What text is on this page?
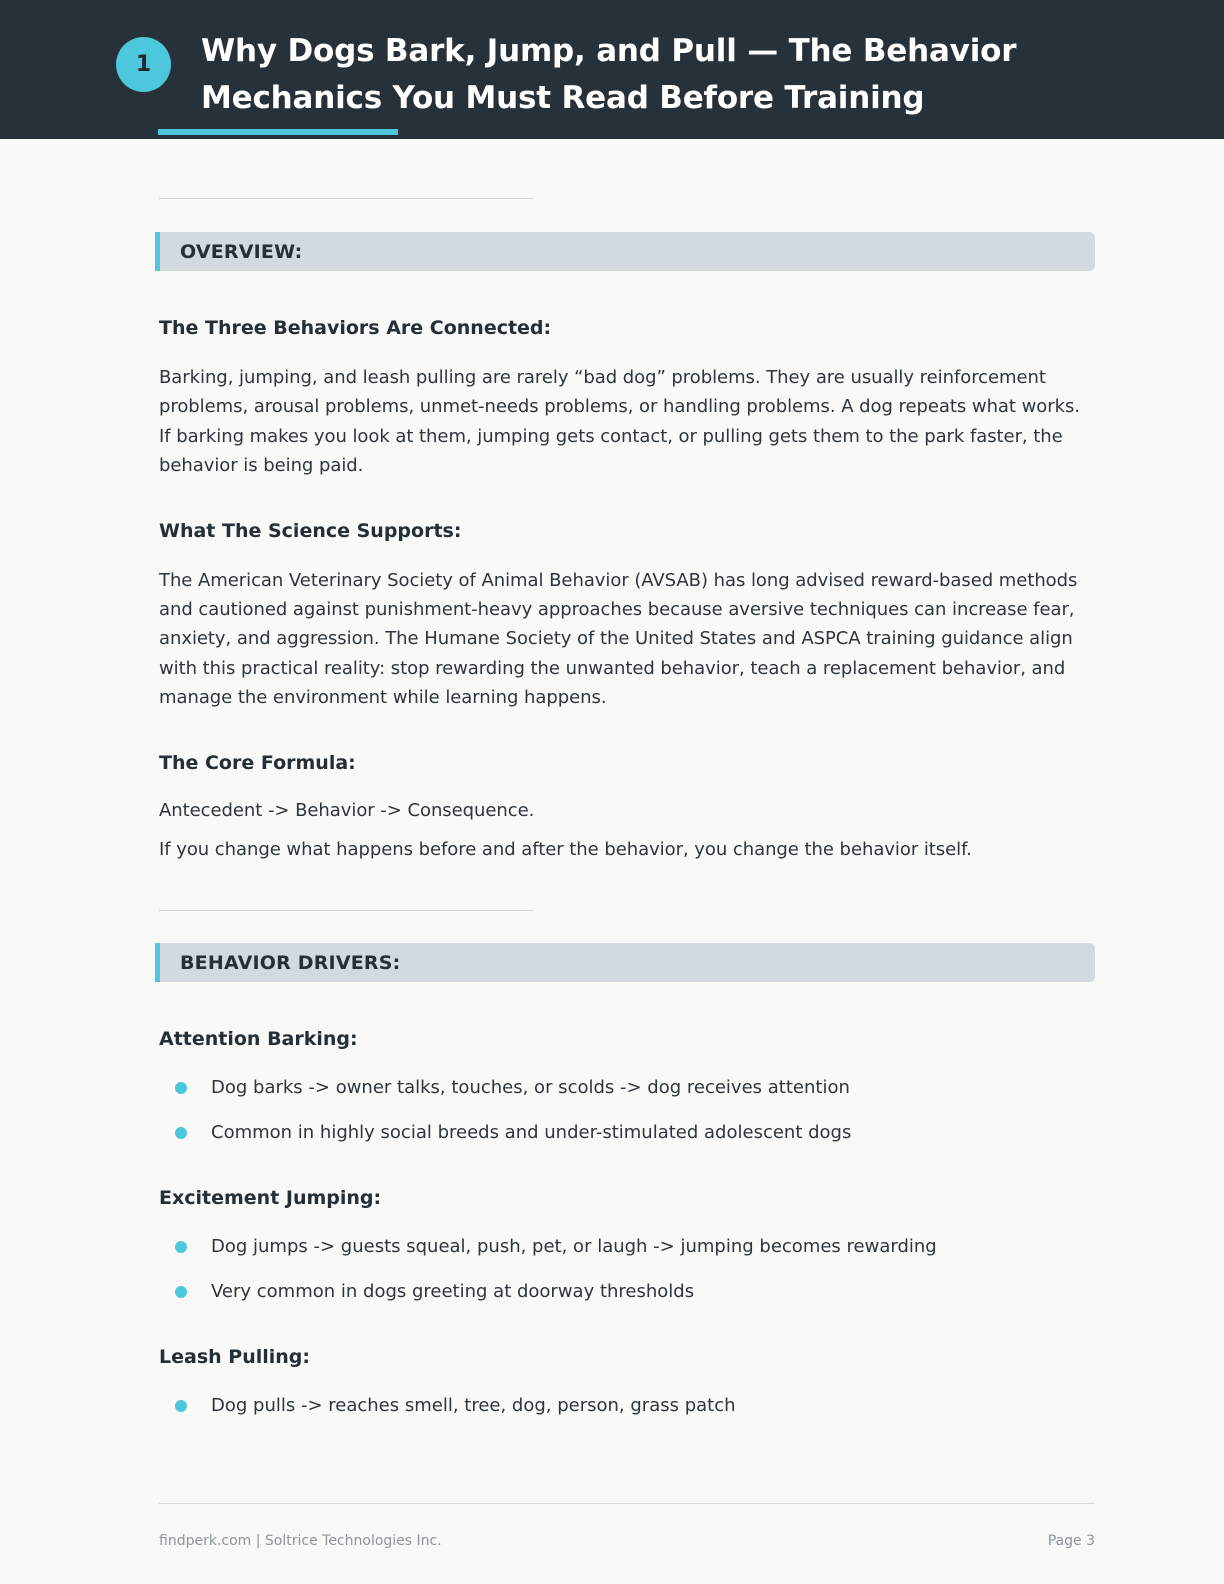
1	Why Dogs Bark, Jump, and Pull — The Behavior Mechanics You Must Read Before Training
OVERVIEW:
The Three Behaviors Are Connected:

Barking, jumping, and leash pulling are rarely “bad dog” problems. They are usually reinforcement problems, arousal problems, unmet-needs problems, or handling problems. A dog repeats what works. If barking makes you look at them, jumping gets contact, or pulling gets them to the park faster, the behavior is being paid.

What The Science Supports:

The American Veterinary Society of Animal Behavior (AVSAB) has long advised reward-based methods and cautioned against punishment-heavy approaches because aversive techniques can increase fear, anxiety, and aggression. The Humane Society of the United States and ASPCA training guidance align with this practical reality: stop rewarding the unwanted behavior, teach a replacement behavior, and manage the environment while learning happens.

The Core Formula:

Antecedent -> Behavior -> Consequence.

If you change what happens before and after the behavior, you change the behavior itself.

BEHAVIOR DRIVERS:
Attention Barking:
Dog barks -> owner talks, touches, or scolds -> dog receives attention
Common in highly social breeds and under-stimulated adolescent dogs
Excitement Jumping:
Dog jumps -> guests squeal, push, pet, or laugh -> jumping becomes rewarding
Very common in dogs greeting at doorway thresholds
Leash Pulling:
Dog pulls -> reaches smell, tree, dog, person, grass patch
findperk.com | Soltrice Technologies Inc.	Page 3
